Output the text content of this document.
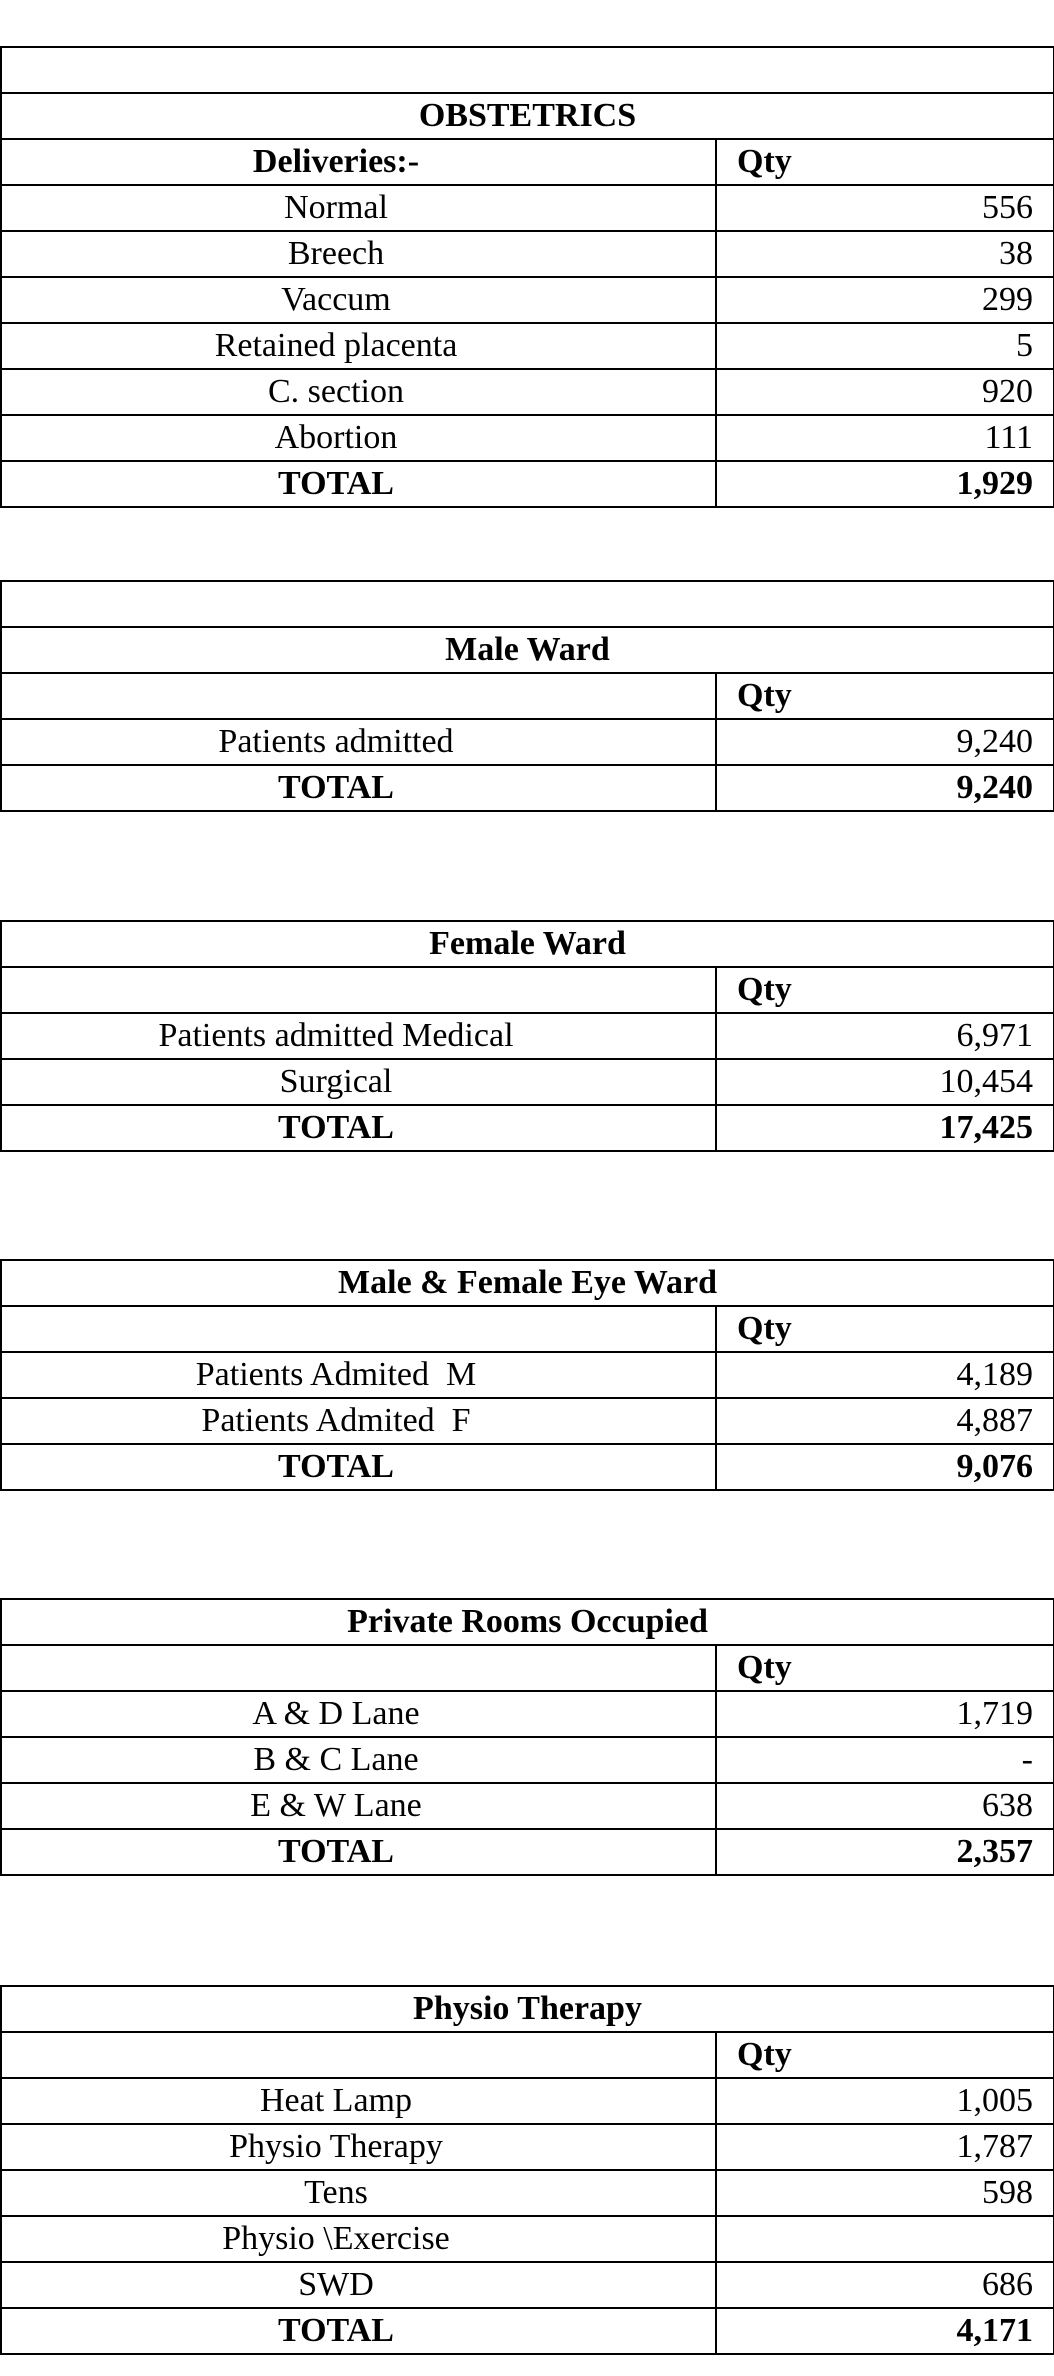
OBSTETRICS	
Deliveries:-	Qty
Normal	556
Breech	38
Vaccum	299
Retained placenta	5
C. section	920
Abortion	111
TOTAL	1,929

Male Ward	
	Qty
Patients admitted	9,240
TOTAL	9,240
Female Ward	
	Qty
Patients admitted Medical	6,971
Surgical	10,454
TOTAL	17,425
Male & Female Eye Ward	
	Qty
Patients Admited  M	4,189
Patients Admited  F	4,887
TOTAL	9,076
Private Rooms Occupied	
	Qty
A & D Lane	1,719
B & C Lane	-
E & W Lane	638
TOTAL	2,357
Physio Therapy	
	Qty
Heat Lamp	1,005
Physio Therapy	1,787
Tens	598
Physio \Exercise	
SWD	686
TOTAL	4,171
